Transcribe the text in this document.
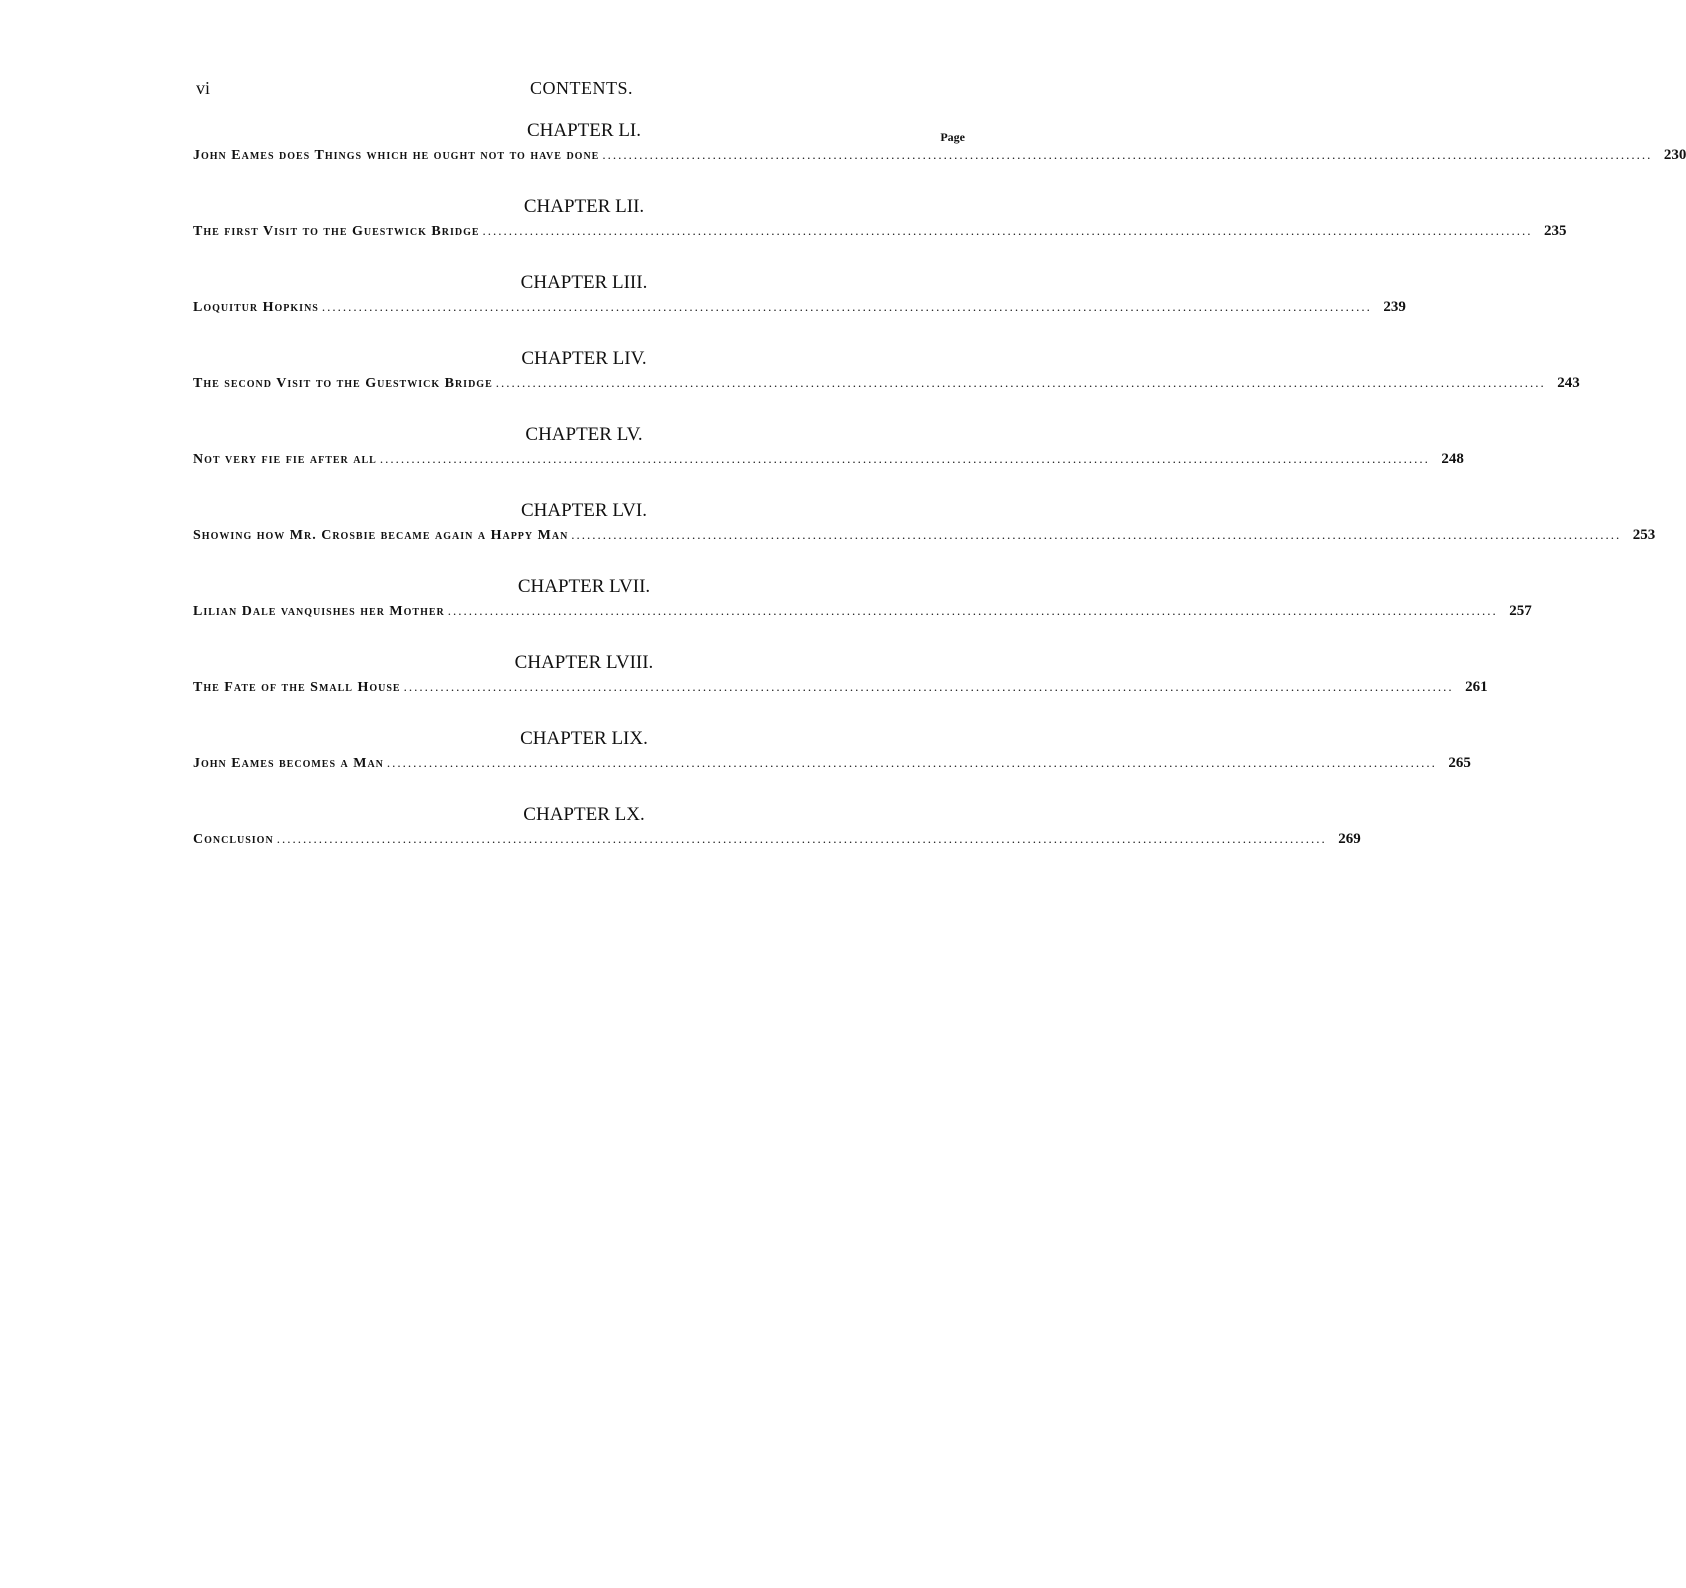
vi	CONTENTS.
Page
CHAPTER LI.
John Eames does Things which he ought not to have done ........................................................................................................................................................................................................ 230
CHAPTER LII.
The first Visit to the Guestwick Bridge ........................................................................................................................................................................................................ 235
CHAPTER LIII.
Loquitur Hopkins ........................................................................................................................................................................................................ 239
CHAPTER LIV.
The second Visit to the Guestwick Bridge ........................................................................................................................................................................................................ 243
CHAPTER LV.
Not very fie fie after all ........................................................................................................................................................................................................ 248
CHAPTER LVI.
Showing how Mr. Crosbie became again a Happy Man ........................................................................................................................................................................................................ 253
CHAPTER LVII.
Lilian Dale vanquishes her Mother ........................................................................................................................................................................................................ 257
CHAPTER LVIII.
The Fate of the Small House ........................................................................................................................................................................................................ 261
CHAPTER LIX.
John Eames becomes a Man ........................................................................................................................................................................................................ 265
CHAPTER LX.
Conclusion ........................................................................................................................................................................................................ 269
